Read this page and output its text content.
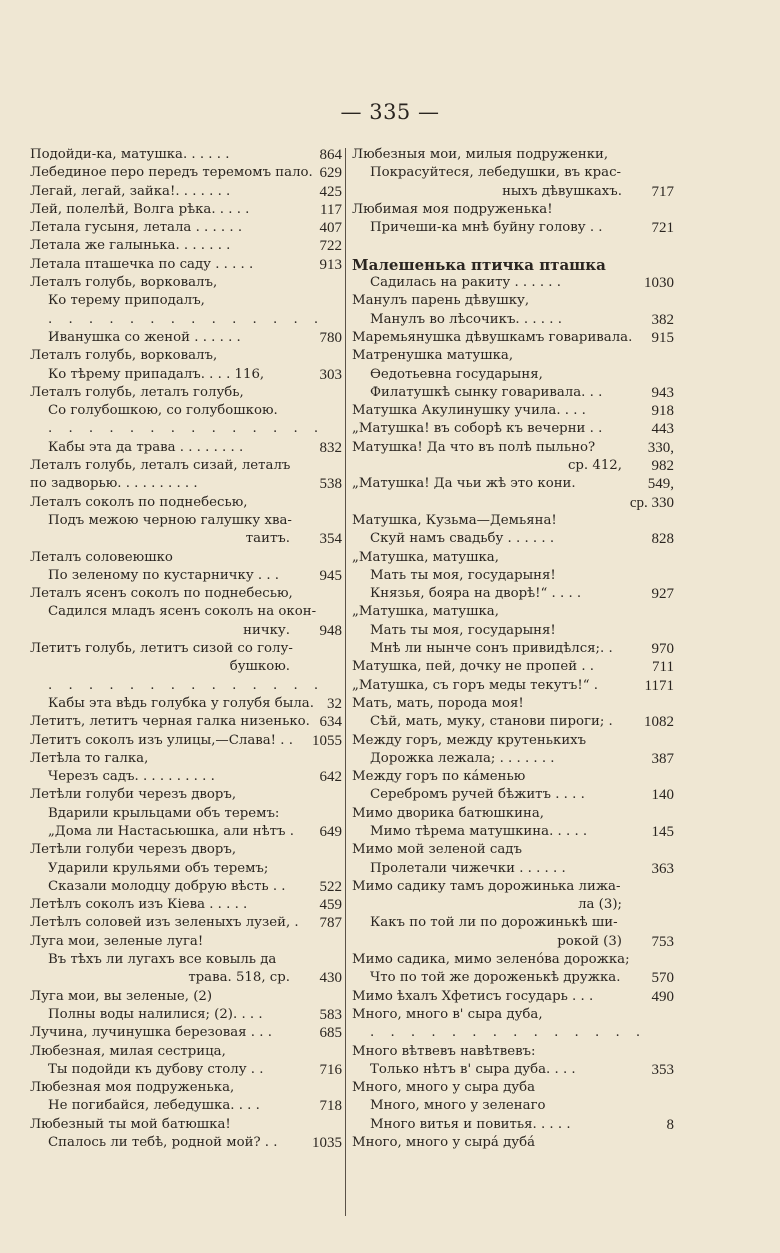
— 335 —
Подойди-ка, матушка. . . . . .	864
Лебединое перо передъ теремомъ пало. 629
Легай, легай, зайка!. . . . . . .	425
Лей, полелѣй, Волга рѣка. . . . .	117
Летала гусыня, летала . . . . . .	407
Летала же галынька. . . . . . .	722
Летала пташечка по саду . . . . .	913
Леталъ голубь, ворковалъ,
Ко терему приподалъ,
. . . . . . . . . . . . . .
Иванушка со женой . . . . . .	780
Леталъ голубь, ворковалъ,
Ко тѣрему припадалъ. . . . 116,	303
Леталъ голубь, леталъ голубь,
Со голубошкою, со голубошкою.
. . . . . . . . . . . . . .
Кабы эта да трава . . . . . . . .	832
Леталъ голубь, леталъ сизай, леталъ
по задворью. . . . . . . . . .	538
Леталъ соколъ по поднебесью,
Подъ межою черною галушку хва-
таитъ. 354
Леталъ соловеюшко
По зеленому по кустарничку . . .	945
Леталъ ясенъ соколъ по поднебесью,
Садился младъ ясенъ соколъ на окон-
ничку. 948
Летитъ голубь, летитъ сизой со голу-
бушкою.
. . . . . . . . . . . . . .
Кабы эта вѣдь голубка у голубя была. 32
Летитъ, летитъ черная галка низенько. 634
Летитъ соколъ изъ улицы,—Слава! . . 1055
Летѣла то галка,
Черезъ садъ. . . . . . . . . .	642
Летѣли голуби черезъ дворъ,
Вдарили крыльцами объ теремъ:
„Дома ли Настасьюшка, али нѣтъ . 649
Летѣли голуби черезъ дворъ,
Ударили крульями объ теремъ;
Сказали молодцу добрую вѣсть . . 522
Летѣлъ соколъ изъ Кіева . . . . .	459
Летѣлъ соловей изъ зеленыхъ лузей, . 787
Луга мои, зеленые луга!
Въ тѣхъ ли лугахъ все ковыль да
трава. 518, ср. 430
Луга мои, вы зеленые, (2)
Полны воды налилися; (2). . . .	583
Лучина, лучинушка березовая . . .	685
Любезная, милая сестрица,
Ты подойди къ дубову столу . .	716
Любезная моя подруженька,
Не погибайся, лебедушка. . . .	718
Любезный ты мой батюшка!
Спалось ли тебѣ, родной мой? . . 1035
Любезныя мои, милыя подруженки,
Покрасуйтеся, лебедушки, въ крас-
ныхъ дѣвушкахъ. 717
Любимая моя подруженька!
Причеши-ка мнѣ буйну голову . .	721
Малешенька птичка пташка
Садилась на ракиту . . . . . .	1030
Манулъ парень дѣвушку,
Манулъ во лѣсочикъ. . . . . .	382
Маремьянушка дѣвушкамъ говаривала. 915
Матренушка матушка,
Ѳедотьевна государыня,
Филатушкѣ сынку говаривала. . .	943
Матушка Акулинушку учила. . . .	918
„Матушка! въ соборѣ къ вечерни . .	443
Матушка! Да что въ полѣ пыльно?	330,
ср. 412, 982
„Матушка! Да чьи жѣ это кони.	549,
ср. 330
Матушка, Кузьма—Демьяна!
Скуй намъ свадьбу . . . . . .	828
„Матушка, матушка,
Мать ты моя, государыня!
Князья, бояра на дворѣ!“ . . . .	927
„Матушка, матушка,
Мать ты моя, государыня!
Мнѣ ли нынче сонъ привидѣлся;. .	970
Матушка, пей, дочку не пропей . .	711
„Матушка, съ горъ меды текутъ!“ .	1171
Мать, мать, порода моя!
Сѣй, мать, муку, станови пироги; . 1082
Между горъ, между крутенькихъ
Дорожка лежала; . . . . . . .	387
Между горъ по кáменью
Серебромъ ручей бѣжитъ . . . .	140
Мимо дворика батюшкина,
Мимо тѣрема матушкина. . . . .	145
Мимо мой зеленой садъ
Пролетали чижечки . . . . . .	363
Мимо садику тамъ дорожинька лижа-
ла (3);
Какъ по той ли по дорожинькѣ ши-
рокой (3) 753
Мимо садика, мимо зеленóва дорожка;
Что по той же дороженькѣ дружка. 570
Мимо ѣхалъ Хфетисъ государь . . .	490
Много, много в' сыра дуба,
. . . . . . . . . . . . . .
Много вѣтвевъ навѣтвевъ:
Только нѣтъ в' сыра дуба. . . .	353
Много, много у сыра дуба
Много, много у зеленаго
Много витья и повитья. . . . .	8
Много, много у сырá дубá
